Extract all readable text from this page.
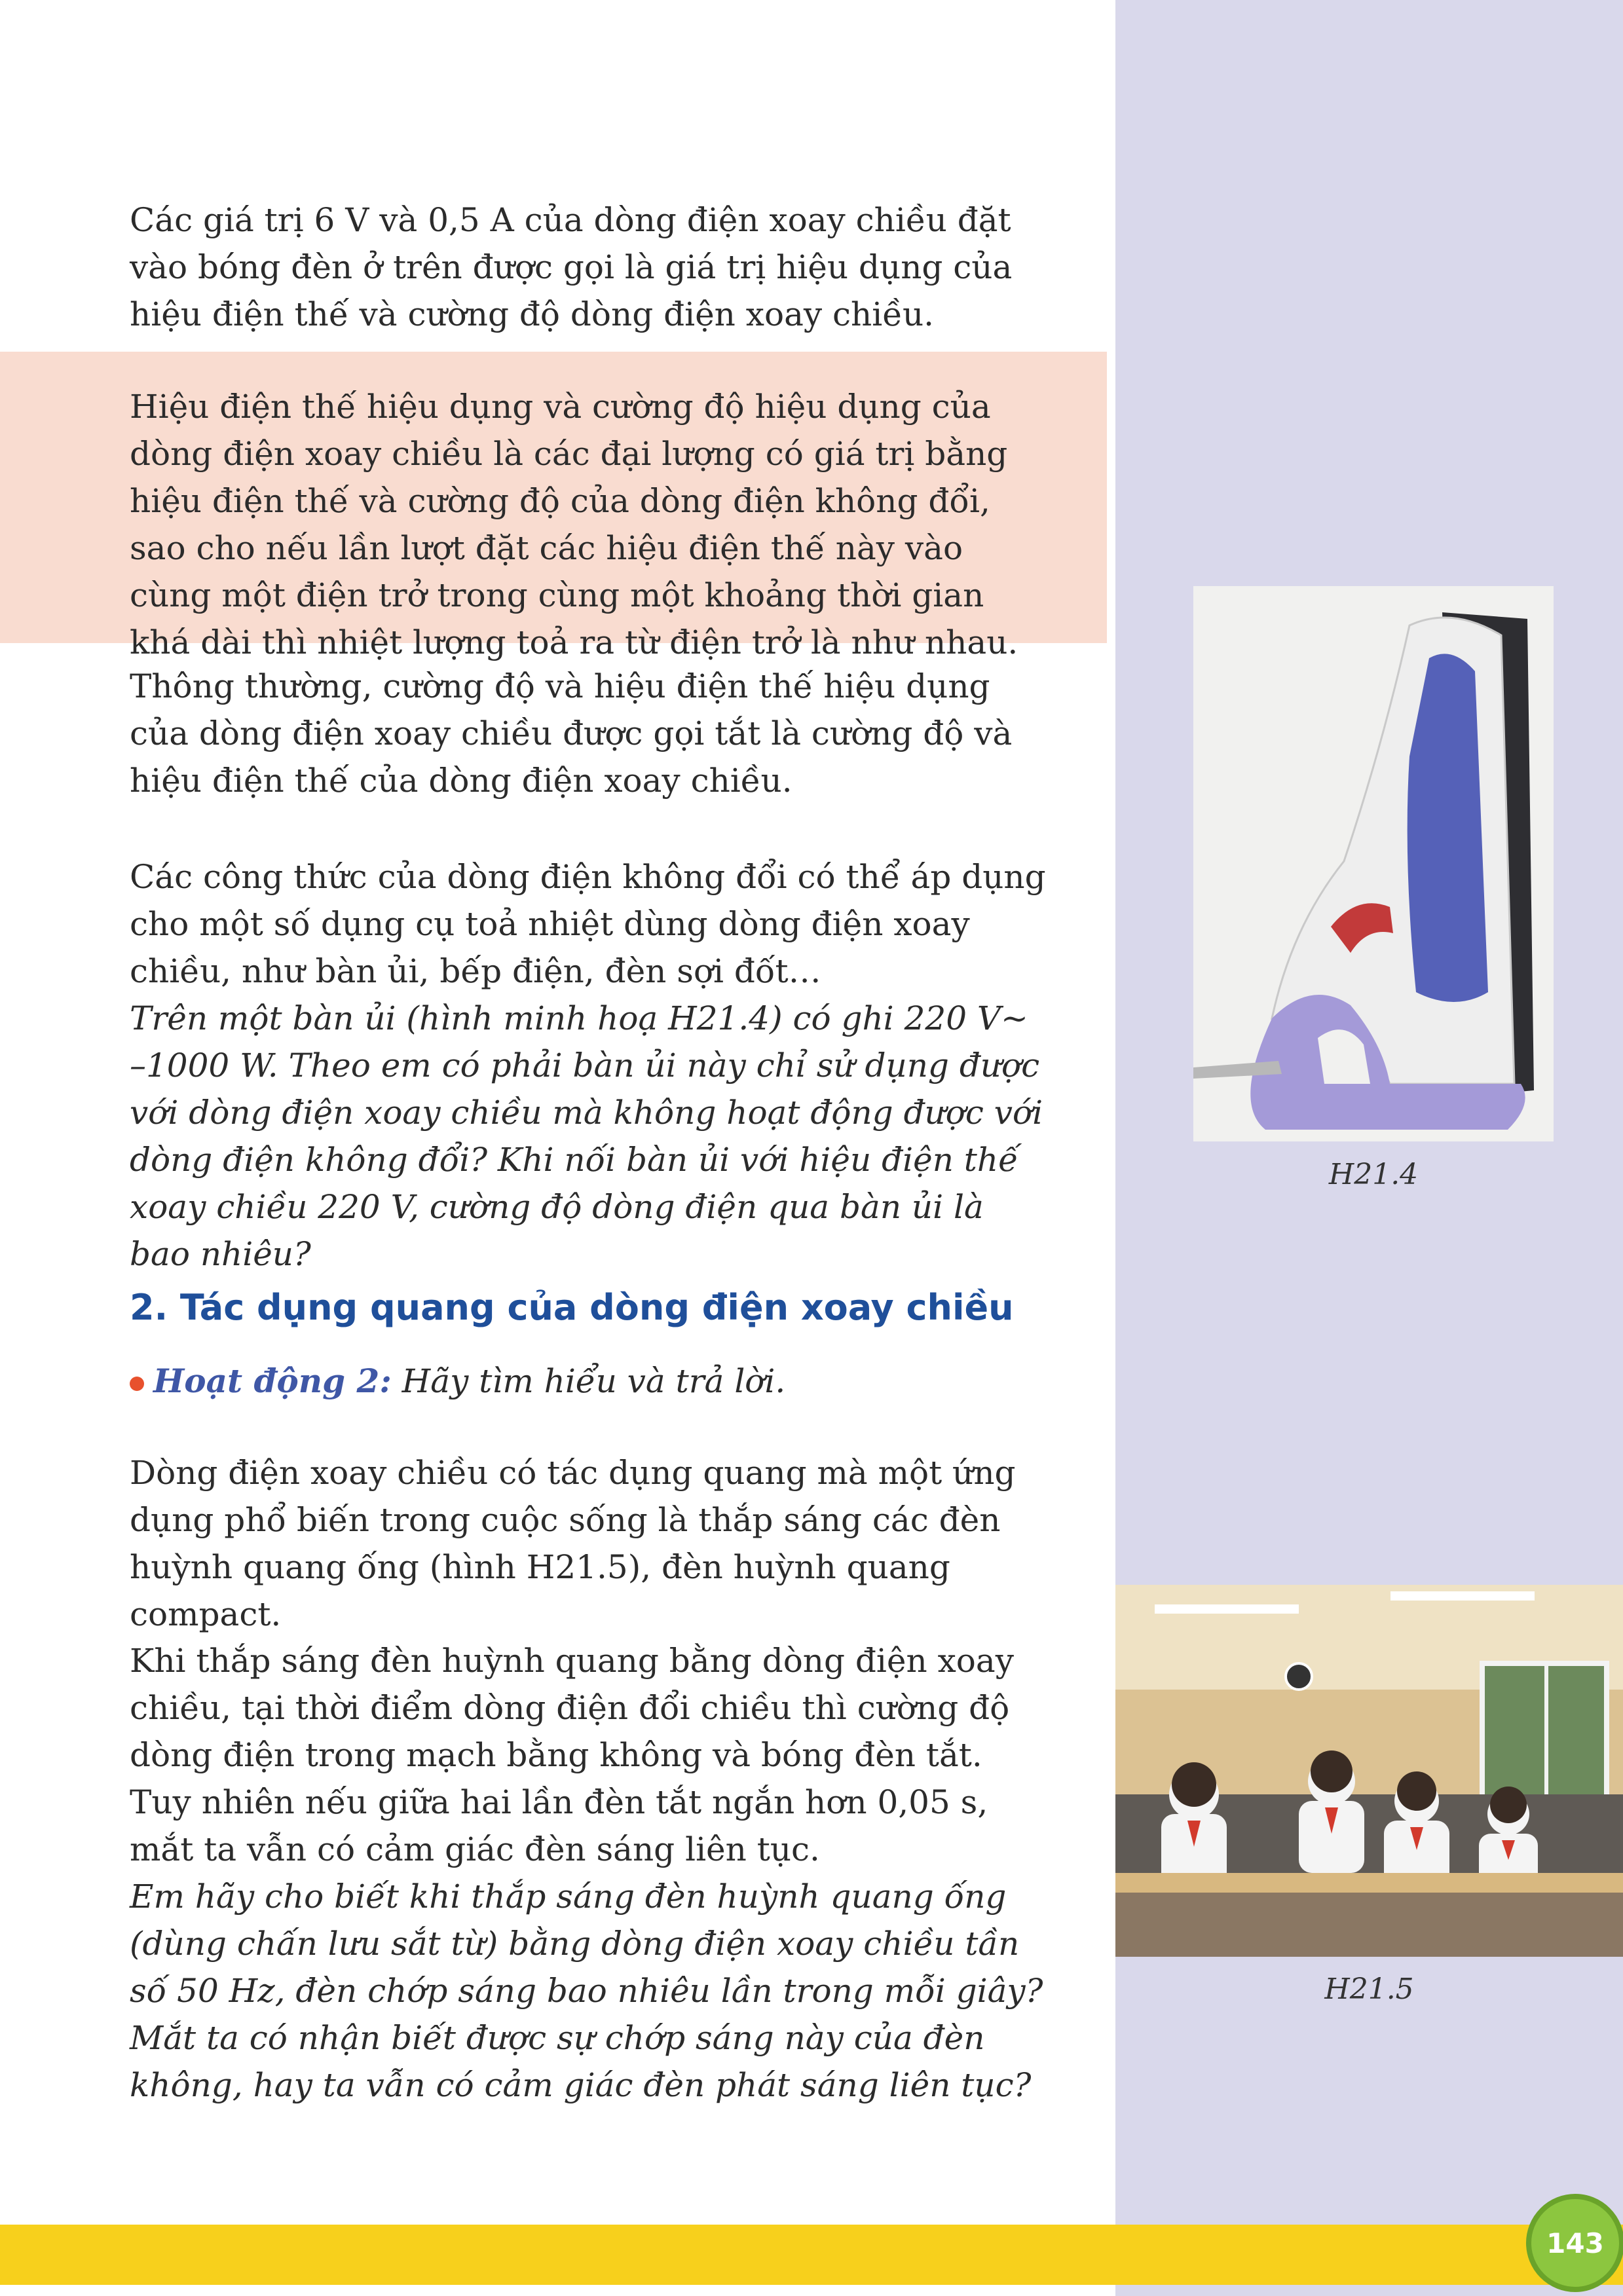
Các giá trị 6 V và 0,5 A của dòng điện xoay chiều đặt vào bóng đèn ở trên được gọi là giá trị hiệu dụng của hiệu điện thế và cường độ dòng điện xoay chiều.

Hiệu điện thế hiệu dụng và cường độ hiệu dụng của dòng điện xoay chiều là các đại lượng có giá trị bằng hiệu điện thế và cường độ của dòng điện không đổi, sao cho nếu lần lượt đặt các hiệu điện thế này vào cùng một điện trở trong cùng một khoảng thời gian khá dài thì nhiệt lượng toả ra từ điện trở là như nhau.

Thông thường, cường độ và hiệu điện thế hiệu dụng của dòng điện xoay chiều được gọi tắt là cường độ và hiệu điện thế của dòng điện xoay chiều.

Các công thức của dòng điện không đổi có thể áp dụng cho một số dụng cụ toả nhiệt dùng dòng điện xoay chiều, như bàn ủi, bếp điện, đèn sợi đốt…

Trên một bàn ủi (hình minh hoạ H21.4) có ghi 220 V~ –1000 W. Theo em có phải bàn ủi này chỉ sử dụng được với dòng điện xoay chiều mà không hoạt động được với dòng điện không đổi? Khi nối bàn ủi với hiệu điện thế xoay chiều 220 V, cường độ dòng điện qua bàn ủi là bao nhiêu?

H21.4

2. Tác dụng quang của dòng điện xoay chiều

Hoạt động 2: Hãy tìm hiểu và trả lời.

Dòng điện xoay chiều có tác dụng quang mà một ứng dụng phổ biến trong cuộc sống là thắp sáng các đèn huỳnh quang ống (hình H21.5), đèn huỳnh quang compact.

Khi thắp sáng đèn huỳnh quang bằng dòng điện xoay chiều, tại thời điểm dòng điện đổi chiều thì cường độ dòng điện trong mạch bằng không và bóng đèn tắt. Tuy nhiên nếu giữa hai lần đèn tắt ngắn hơn 0,05 s, mắt ta vẫn có cảm giác đèn sáng liên tục.

Em hãy cho biết khi thắp sáng đèn huỳnh quang ống (dùng chấn lưu sắt từ) bằng dòng điện xoay chiều tần số 50 Hz, đèn chớp sáng bao nhiêu lần trong mỗi giây? Mắt ta có nhận biết được sự chớp sáng này của đèn không, hay ta vẫn có cảm giác đèn phát sáng liên tục?

H21.5

143
